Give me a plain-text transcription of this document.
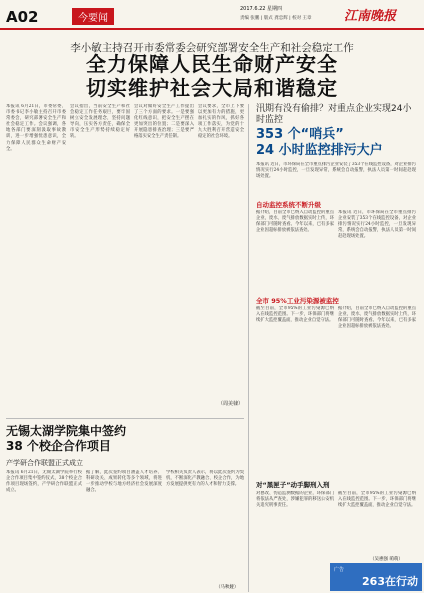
A02	今要闻
2017.6.22 星期四
责编 张鹏 | 版式 龚忠辉 | 校对 王章 江南晚报
李小敏主持召开市委常委会研究部署安全生产和社会稳定工作
全力保障人民生命财产安全
切实维护社会大局和谐稳定
本报讯 6月21日，市委常委、市委书记李小敏主持召开市委常委会，研究部署安全生产和社会稳定工作。会议强调，各地各部门要深刻汲取事故教训，进一步增强忧患意识，全力保障人民群众生命财产安全。
会议指出，当前安全生产和社会稳定工作任务艰巨，要牢固树立安全发展理念，坚持问题导向，压实各方责任，确保全市安全生产形势持续稳定好转。
会议对做好安全生产工作提出了三个方面的要求。一是要强化红线意识，把安全生产摆在更加突出的位置；二是要深入开展隐患排查治理；三是要严格落实安全生产责任制。
会议要求，全市上下要以更加有力的措施，更加扎实的作风，抓好各项工作落实，为党的十九大胜利召开营造安全稳定的社会环境。
（周美棣）
汛期有没有偷排？对重点企业实现24小时监控
353 个“哨兵”
24 小时监控排污大户
本报讯 近日，市环保局在全市重点排污企业安装了353个在线监控设备，对企业排污情况实行24小时监控，一旦发现异常，系统会自动报警，执法人员第一时间赶赴现场处置。
自动监控系统不断升级
据介绍，目前全市已纳入自动监控的重点企业，废水、废气排放数据实时上传，环保部门可随时查看。今年以来，已有多家企业因超标排放被依法查处。
本报讯 近日，市环保局在全市重点排污企业安装了353个在线监控设备，对企业排污情况实行24小时监控，一旦发现异常，系统会自动报警，执法人员第一时间赶赴现场处置。
全市 95%工业污染源被监控
截至目前，全市95%的工业污染源已纳入在线监控范围。下一步，环保部门将继续扩大监控覆盖面，推动企业自觉守法。
据介绍，目前全市已纳入自动监控的重点企业，废水、废气排放数据实时上传，环保部门可随时查看。今年以来，已有多家企业因超标排放被依法查处。
对“黑匣子”动手脚刑入刑
对篡改、伪造监测数据的企业，环保部门将依法从严查处，涉嫌犯罪的移送公安机关追究刑事责任。
截至目前，全市95%的工业污染源已纳入在线监控范围。下一步，环保部门将继续扩大监控覆盖面，推动企业自觉守法。
（吴惠强 萌萌）
无锡太湖学院集中签约
38 个校企合作项目
产学研合作联盟正式成立
本报讯 6月21日，无锡太湖学院举行校企合作项目集中签约仪式，38个校企合作项目现场签约，产学研合作联盟正式成立。
据了解，此次签约项目涵盖人才培养、科研攻关、成果转化等多个领域，将进一步推动学校与地方经济社会发展深度融合。
学校相关负责人表示，将以此次签约为契机，不断深化产教融合、校企合作，为地方发展提供更有力的人才和智力支撑。
（马秋娅）
广告
263在行动
